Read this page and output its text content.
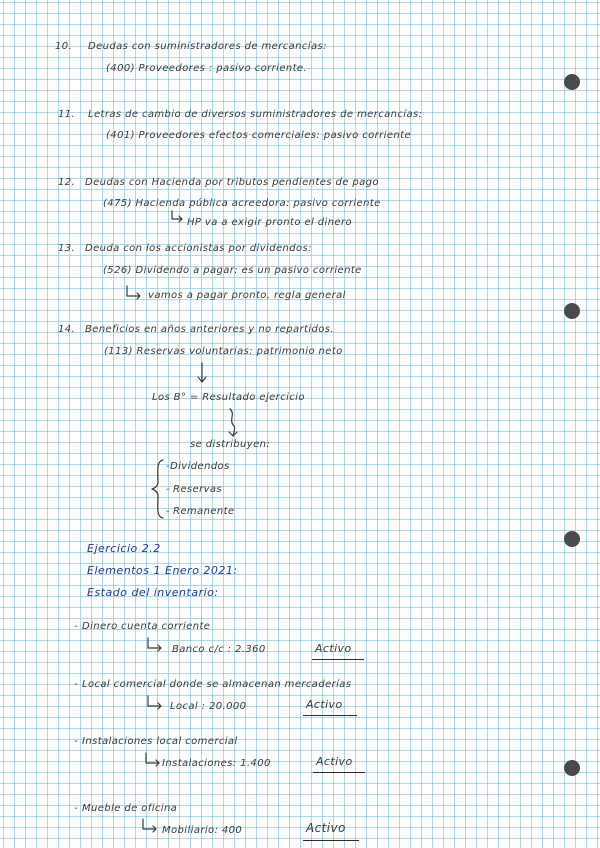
10. Deudas con suministradores de mercancías:
(400) Proveedores : pasivo corriente.
11. Letras de cambio de diversos suministradores de mercancías:
(401) Proveedores efectos comerciales: pasivo corriente
12. Deudas con Hacienda por tributos pendientes de pago
(475) Hacienda pública acreedora: pasivo corriente
HP va a exigir pronto el dinero
13. Deuda con los accionistas por dividendos:
(526) Dividendo a pagar: es un pasivo corriente
vamos a pagar pronto, regla general
14. Beneficios en años anteriores y no repartidos.
(113) Reservas voluntarias: patrimonio neto
Los B° = Resultado ejercicio
se distribuyen:
Dividendos
Reservas
Remanente
-
-
-
Ejercicio 2.2
Elementos 1 Enero 2021:
Estado del inventario:
- Dinero cuenta corriente
Banco c/c : 2.360	Activo
- Local comercial donde se almacenan mercaderías
Local : 20.000	Activo
- Instalaciones local comercial
Instalaciones: 1.400	Activo
- Mueble de oficina
Mobiliario: 400	Activo
